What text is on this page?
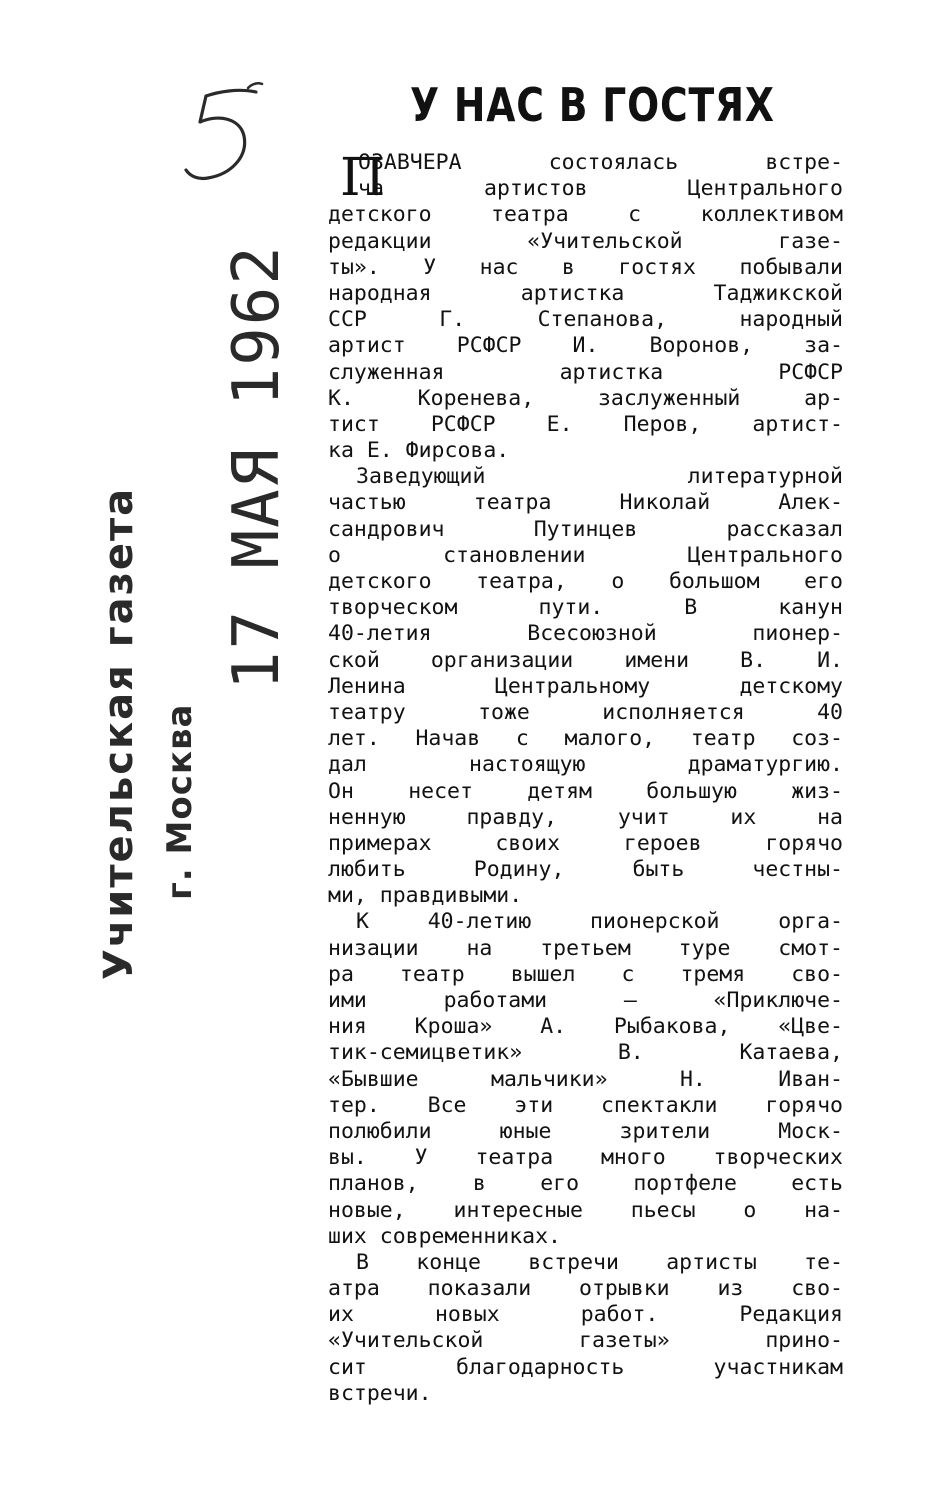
Учительская газета г. Москва
17 МАЯ 1962
У НАС В ГОСТЯХ
П
ОЗАВЧЕРА состоялась встре-
ча артистов Центрального
детского театра с коллективом
редакции «Учительской газе-
ты». У нас в гостях побывали
народная артистка Таджикской
ССР Г. Степанова, народный
артист РСФСР И. Воронов, за-
служенная артистка РСФСР
К. Коренева, заслуженный ар-
тист РСФСР Е. Перов, артист-
ка Е. Фирсова.
Заведующий литературной
частью театра Николай Алек-
сандрович Путинцев рассказал
о становлении Центрального
детского театра, о большом его
творческом пути. В канун
40-летия Всесоюзной пионер-
ской организации имени В. И.
Ленина Центральному детскому
театру тоже исполняется 40
лет. Начав с малого, театр соз-
дал настоящую драматургию.
Он несет детям большую жиз-
ненную правду, учит их на
примерах своих героев горячо
любить Родину, быть честны-
ми, правдивыми.
К 40-летию пионерской орга-
низации на третьем туре смот-
ра театр вышел с тремя сво-
ими работами — «Приключе-
ния Кроша» А. Рыбакова, «Цве-
тик-семицветик» В. Катаева,
«Бывшие мальчики» Н. Иван-
тер. Все эти спектакли горячо
полюбили юные зрители Моск-
вы. У театра много творческих
планов, в его портфеле есть
новые, интересные пьесы о на-
ших современниках.
В конце встречи артисты те-
атра показали отрывки из сво-
их новых работ. Редакция
«Учительской газеты» прино-
сит благодарность участникам
встречи.
